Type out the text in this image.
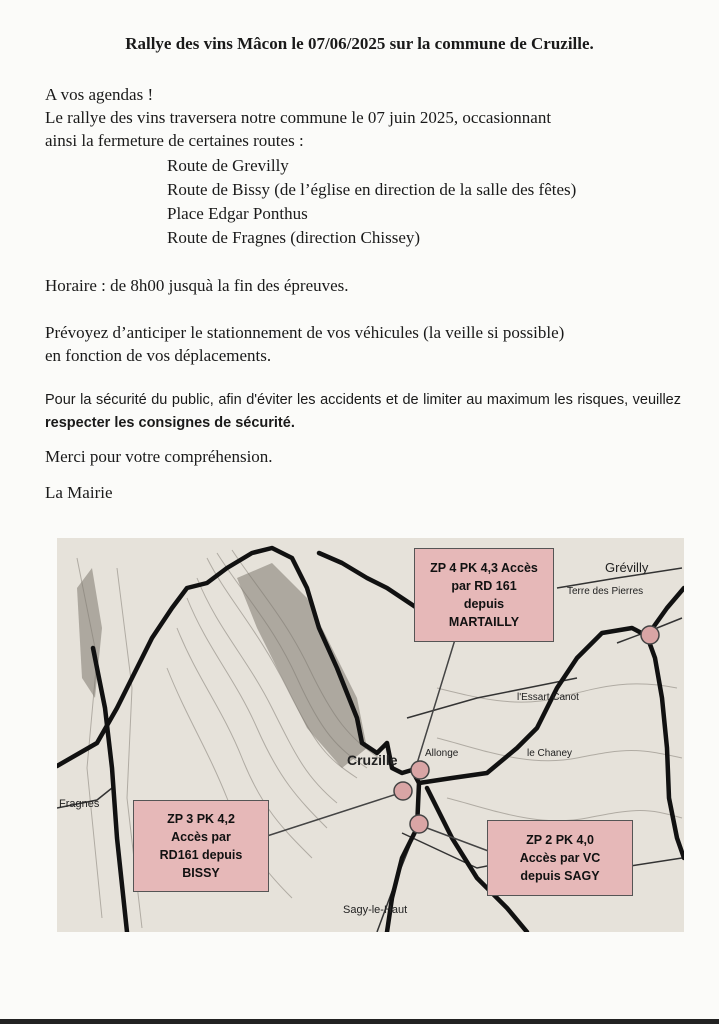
Rallye des vins Mâcon le 07/06/2025 sur la commune de Cruzille.
A vos agendas !
Le rallye des vins traversera notre commune le 07 juin 2025, occasionnant
ainsi la fermeture de certaines routes :
Route de Grevilly
Route de Bissy (de l’église en direction de la salle des fêtes)
Place Edgar Ponthus
Route de Fragnes (direction Chissey)
Horaire : de 8h00 jusquà la fin des épreuves.
Prévoyez d’anticiper le stationnement de vos véhicules (la veille si possible)
en fonction de vos déplacements.
Pour la sécurité du public, afin d'éviter les accidents et de limiter au maximum les risques, veuillez respecter les consignes de sécurité.
Merci pour votre compréhension.
La Mairie
Cruzille
Grévilly
Fragnes
Sagy-le-Haut
Terre des Pierres
l'Essart Canot
le Chaney
Allonge
ZP 4 PK 4,3 Accès
par RD 161
depuis
MARTAILLY
ZP 3 PK 4,2
Accès par
RD161 depuis
BISSY
ZP 2 PK 4,0
Accès par VC
depuis SAGY
